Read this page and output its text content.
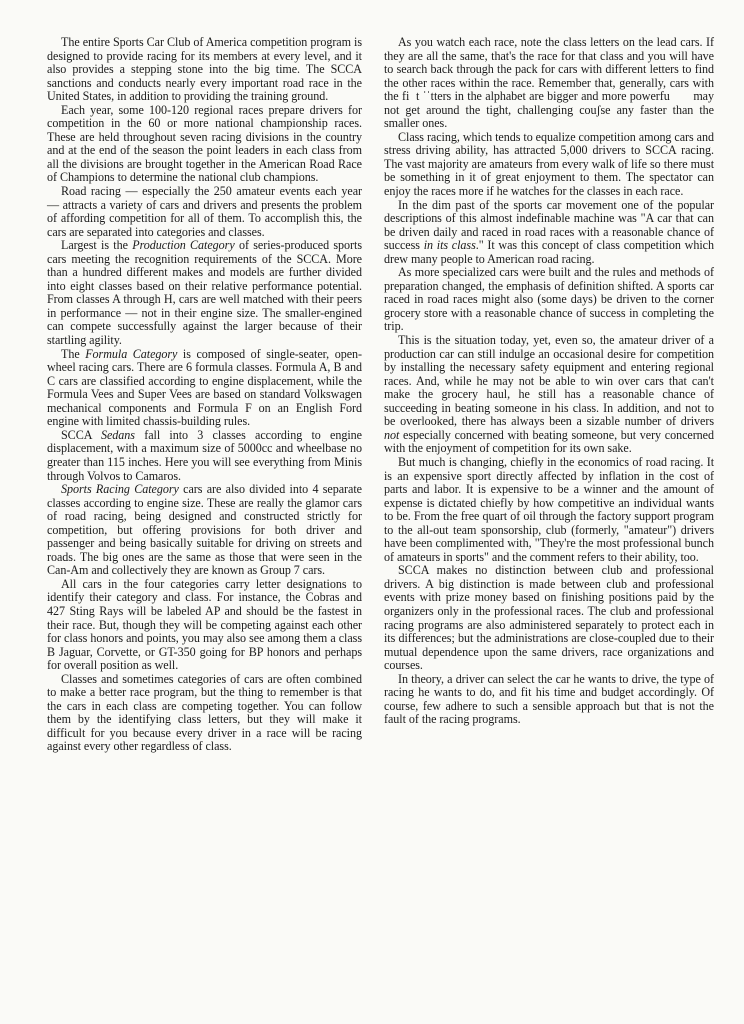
The entire Sports Car Club of America competition program is designed to provide racing for its members at every level, and it also provides a stepping stone into the big time. The SCCA sanctions and conducts nearly every important road race in the United States, in addition to providing the training ground.

Each year, some 100-120 regional races prepare drivers for competition in the 60 or more national championship races. These are held throughout seven racing divisions in the country and at the end of the season the point leaders in each class from all the divisions are brought together in the American Road Race of Champions to determine the national club champions.

Road racing — especially the 250 amateur events each year — attracts a variety of cars and drivers and presents the problem of affording competition for all of them. To accomplish this, the cars are separated into categories and classes.

Largest is the Production Category of series-produced sports cars meeting the recognition requirements of the SCCA. More than a hundred different makes and models are further divided into eight classes based on their relative performance potential. From classes A through H, cars are well matched with their peers in performance — not in their engine size. The smaller-engined can compete successfully against the larger because of their startling agility.

The Formula Category is composed of single-seater, open-wheel racing cars. There are 6 formula classes. Formula A, B and C cars are classified according to engine displacement, while the Formula Vees and Super Vees are based on standard Volkswagen mechanical components and Formula F on an English Ford engine with limited chassis-building rules.

SCCA Sedans fall into 3 classes according to engine displacement, with a maximum size of 5000cc and wheelbase no greater than 115 inches. Here you will see everything from Minis through Volvos to Camaros.

Sports Racing Category cars are also divided into 4 separate classes according to engine size. These are really the glamor cars of road racing, being designed and constructed strictly for competition, but offering provisions for both driver and passenger and being basically suitable for driving on streets and roads. The big ones are the same as those that were seen in the Can-Am and collectively they are known as Group 7 cars.

All cars in the four categories carry letter designations to identify their category and class. For instance, the Cobras and 427 Sting Rays will be labeled AP and should be the fastest in their race. But, though they will be competing against each other for class honors and points, you may also see among them a class B Jaguar, Corvette, or GT-350 going for BP honors and perhaps for overall position as well.

Classes and sometimes categories of cars are often combined to make a better race program, but the thing to remember is that the cars in each class are competing together. You can follow them by the identifying class letters, but they will make it difficult for you because every driver in a race will be racing against every other regardless of class.

As you watch each race, note the class letters on the lead cars. If they are all the same, that's the race for that class and you will have to search back through the pack for cars with different letters to find the other races within the race. Remember that, generally, cars with the fi  t ˈˈtters in the alphabet are bigger and more powerfu       may not get around the tight, challenging couʃse any faster than the smaller ones.

Class racing, which tends to equalize competition among cars and stress driving ability, has attracted 5,000 drivers to SCCA racing. The vast majority are amateurs from every walk of life so there must be something in it of great enjoyment to them. The spectator can enjoy the races more if he watches for the classes in each race.

In the dim past of the sports car movement one of the popular descriptions of this almost indefinable machine was "A car that can be driven daily and raced in road races with a reasonable chance of success in its class." It was this concept of class competition which drew many people to American road racing.

As more specialized cars were built and the rules and methods of preparation changed, the emphasis of definition shifted. A sports car raced in road races might also (some days) be driven to the corner grocery store with a reasonable chance of success in completing the trip.

This is the situation today, yet, even so, the amateur driver of a production car can still indulge an occasional desire for competition by installing the necessary safety equipment and entering regional races. And, while he may not be able to win over cars that can't make the grocery haul, he still has a reasonable chance of succeeding in beating someone in his class. In addition, and not to be overlooked, there has always been a sizable number of drivers not especially concerned with beating someone, but very concerned with the enjoyment of competition for its own sake.

But much is changing, chiefly in the economics of road racing. It is an expensive sport directly affected by inflation in the cost of parts and labor. It is expensive to be a winner and the amount of expense is dictated chiefly by how competitive an individual wants to be. From the free quart of oil through the factory support program to the all-out team sponsorship, club (formerly, "amateur") drivers have been complimented with, "They're the most professional bunch of amateurs in sports" and the comment refers to their ability, too.

SCCA makes no distinction between club and professional drivers. A big distinction is made between club and professional events with prize money based on finishing positions paid by the organizers only in the professional races. The club and professional racing programs are also administered separately to protect each in its differences; but the administrations are close-coupled due to their mutual dependence upon the same drivers, race organizations and courses.

In theory, a driver can select the car he wants to drive, the type of racing he wants to do, and fit his time and budget accordingly. Of course, few adhere to such a sensible approach but that is not the fault of the racing programs.
